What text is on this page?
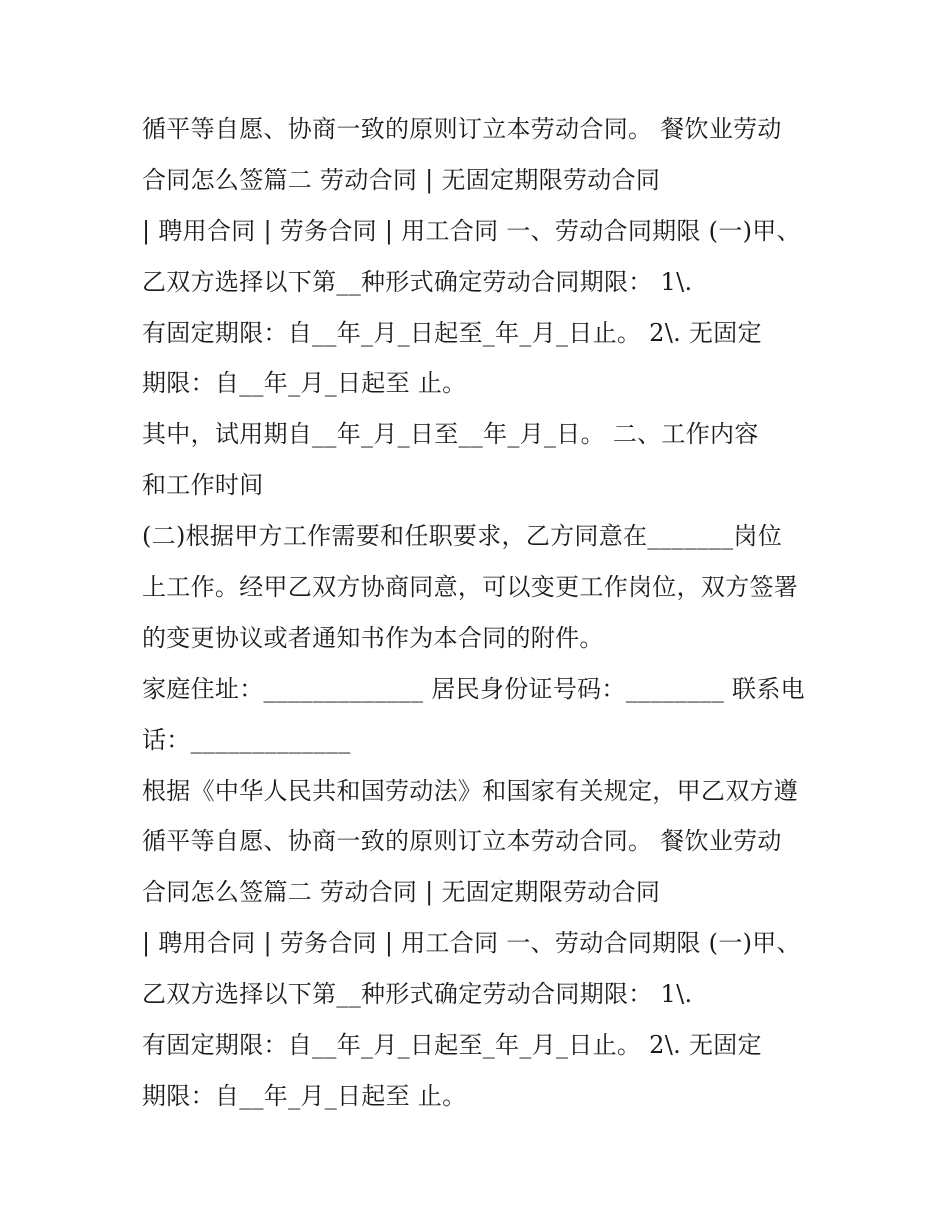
循平等自愿、协商一致的原则订立本劳动合同。 餐饮业劳动
合同怎么签篇二 劳动合同 | 无固定期限劳动合同
| 聘用合同 | 劳务合同 | 用工合同 一、劳动合同期限 (一)甲、
乙双方选择以下第__种形式确定劳动合同期限： 1\.
有固定期限：自__年_月_日起至_年_月_日止。 2\. 无固定
期限：自__年_月_日起至 止。
其中，试用期自__年_月_日至__年_月_日。 二、工作内容
和工作时间
(二)根据甲方工作需要和任职要求，乙方同意在_______岗位
上工作。经甲乙双方协商同意，可以变更工作岗位，双方签署
的变更协议或者通知书作为本合同的附件。
家庭住址：_____________ 居民身份证号码：________ 联系电
话：_____________
根据《中华人民共和国劳动法》和国家有关规定，甲乙双方遵
循平等自愿、协商一致的原则订立本劳动合同。 餐饮业劳动
合同怎么签篇二 劳动合同 | 无固定期限劳动合同
| 聘用合同 | 劳务合同 | 用工合同 一、劳动合同期限 (一)甲、
乙双方选择以下第__种形式确定劳动合同期限： 1\.
有固定期限：自__年_月_日起至_年_月_日止。 2\. 无固定
期限：自__年_月_日起至 止。
